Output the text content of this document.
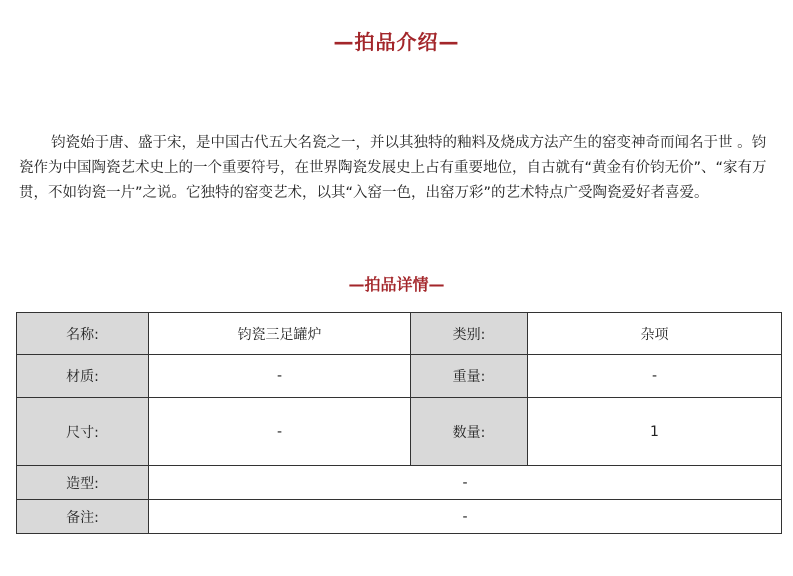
—拍品介绍—

钧瓷始于唐、盛于宋，是中国古代五大名瓷之一，并以其独特的釉料及烧成方法产生的窑变神奇而闻名于世 。钧瓷作为中国陶瓷艺术史上的一个重要符号，在世界陶瓷发展史上占有重要地位，自古就有“黄金有价钧无价”、“家有万贯，不如钧瓷一片”之说。它独特的窑变艺术，以其“入窑一色，出窑万彩”的艺术特点广受陶瓷爱好者喜爱。

—拍品详情—
名称:	钧瓷三足罐炉	类别:	杂项
材质:	-	重量:	-
尺寸:	-	数量:	1
造型:	-		
备注:	-		
